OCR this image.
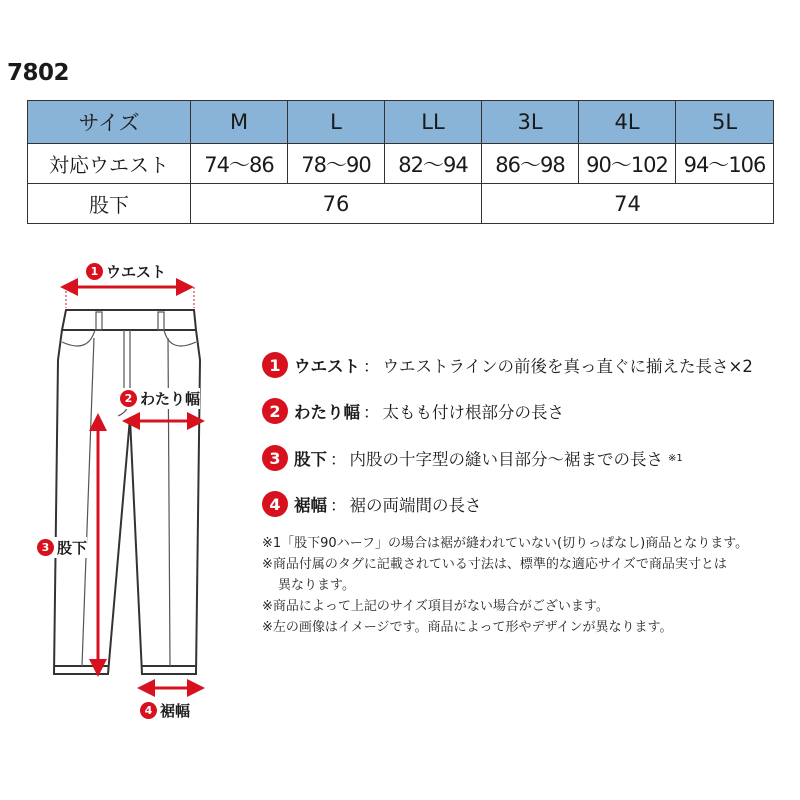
7802
サイズ	M	L	LL	3L	4L	5L
対応ウエスト	74〜86	78〜90	82〜94	86〜98	90〜102	94〜106
股下	76			74		
1 ウエスト
2 わたり幅
3 股下
4 裾幅
1 ウエスト ： ウエストラインの前後を真っ直ぐに揃えた長さ×2
2 わたり幅 ： 太もも付け根部分の長さ
3 股下 ： 内股の十字型の縫い目部分〜裾までの長さ ※1
4 裾幅 ： 裾の両端間の長さ
※1「股下90ハーフ」の場合は裾が縫われていない(切りっぱなし)商品となります。
※商品付属のタグに記載されている寸法は、標準的な適応サイズで商品実寸とは
異なります。
※商品によって上記のサイズ項目がない場合がございます。
※左の画像はイメージです。商品によって形やデザインが異なります。
